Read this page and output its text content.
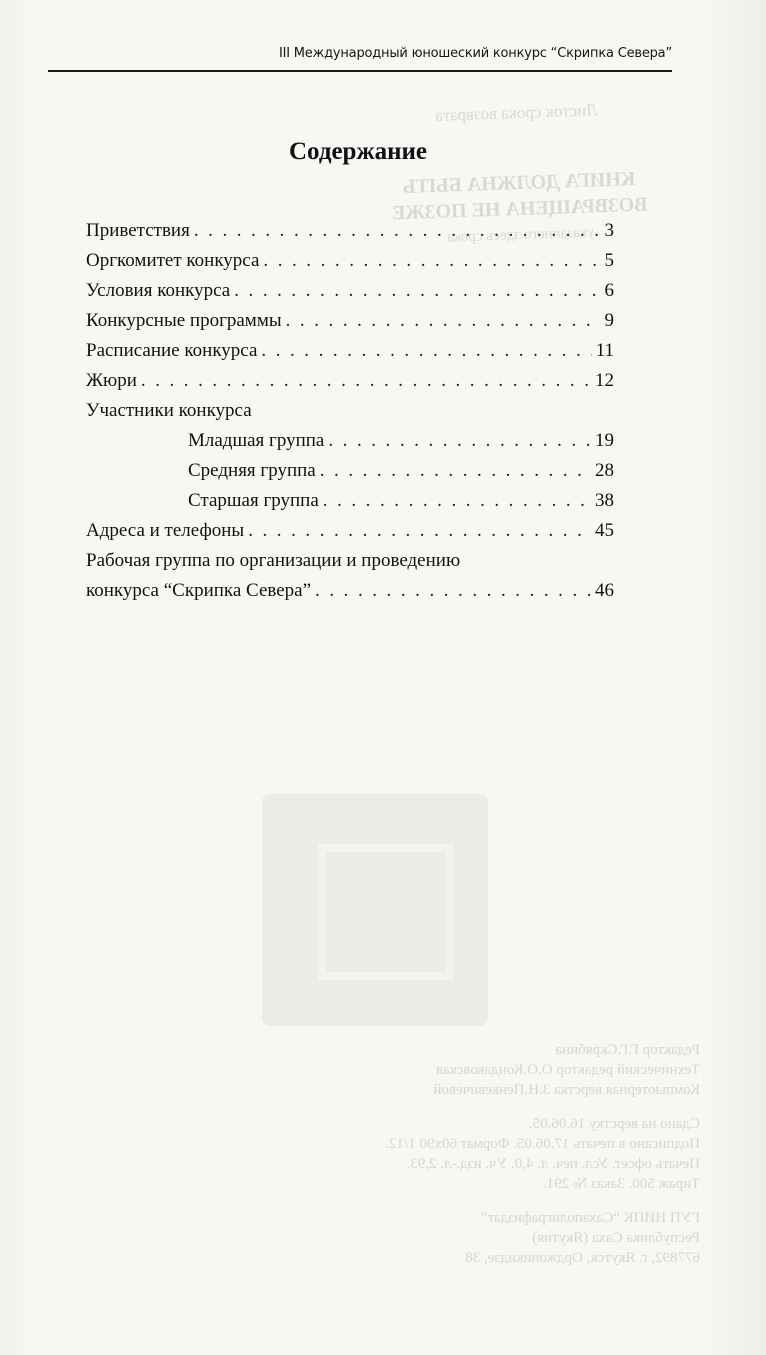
Листок срока возврата
КНИГА ДОЛЖНА БЫТЬ
ВОЗВРАЩЕНА НЕ ПОЗЖЕ
указанного здесь срока
III Международный юношеский конкурс “Скрипка Севера”
Содержание
Приветствия . . .	3
Оргкомитет конкурса . . .	5
Условия конкурса . . .	6
Конкурсные программы . . .	9
Расписание конкурса . . .	11
Жюри . . .	12
Участники конкурса
Младшая группа . . .	19
Средняя группа . . .	28
Старшая группа . . .	38
Адреса и телефоны . . .	45
Рабочая группа по организации и проведению
конкурса “Скрипка Севера” . . .	46

Редактор Г.Г.Скрябина
Технический редактор О.О.Кондаковская
Компьютерная верстка З.Н.Пенкевичевой

Сдано на верстку 16.06.05.
Подписано в печать 17.06.05. Формат 60х90 1/12.
Печать офсет. Усл. печ. л. 4,0. Уч. изд.-л. 2,93.
Тираж 500. Заказ № 291.

ГУП НИПК “Сахаполиграфиздат”
Республика Саха (Якутия)
677892, г. Якутск, Орджоникидзе, 38
